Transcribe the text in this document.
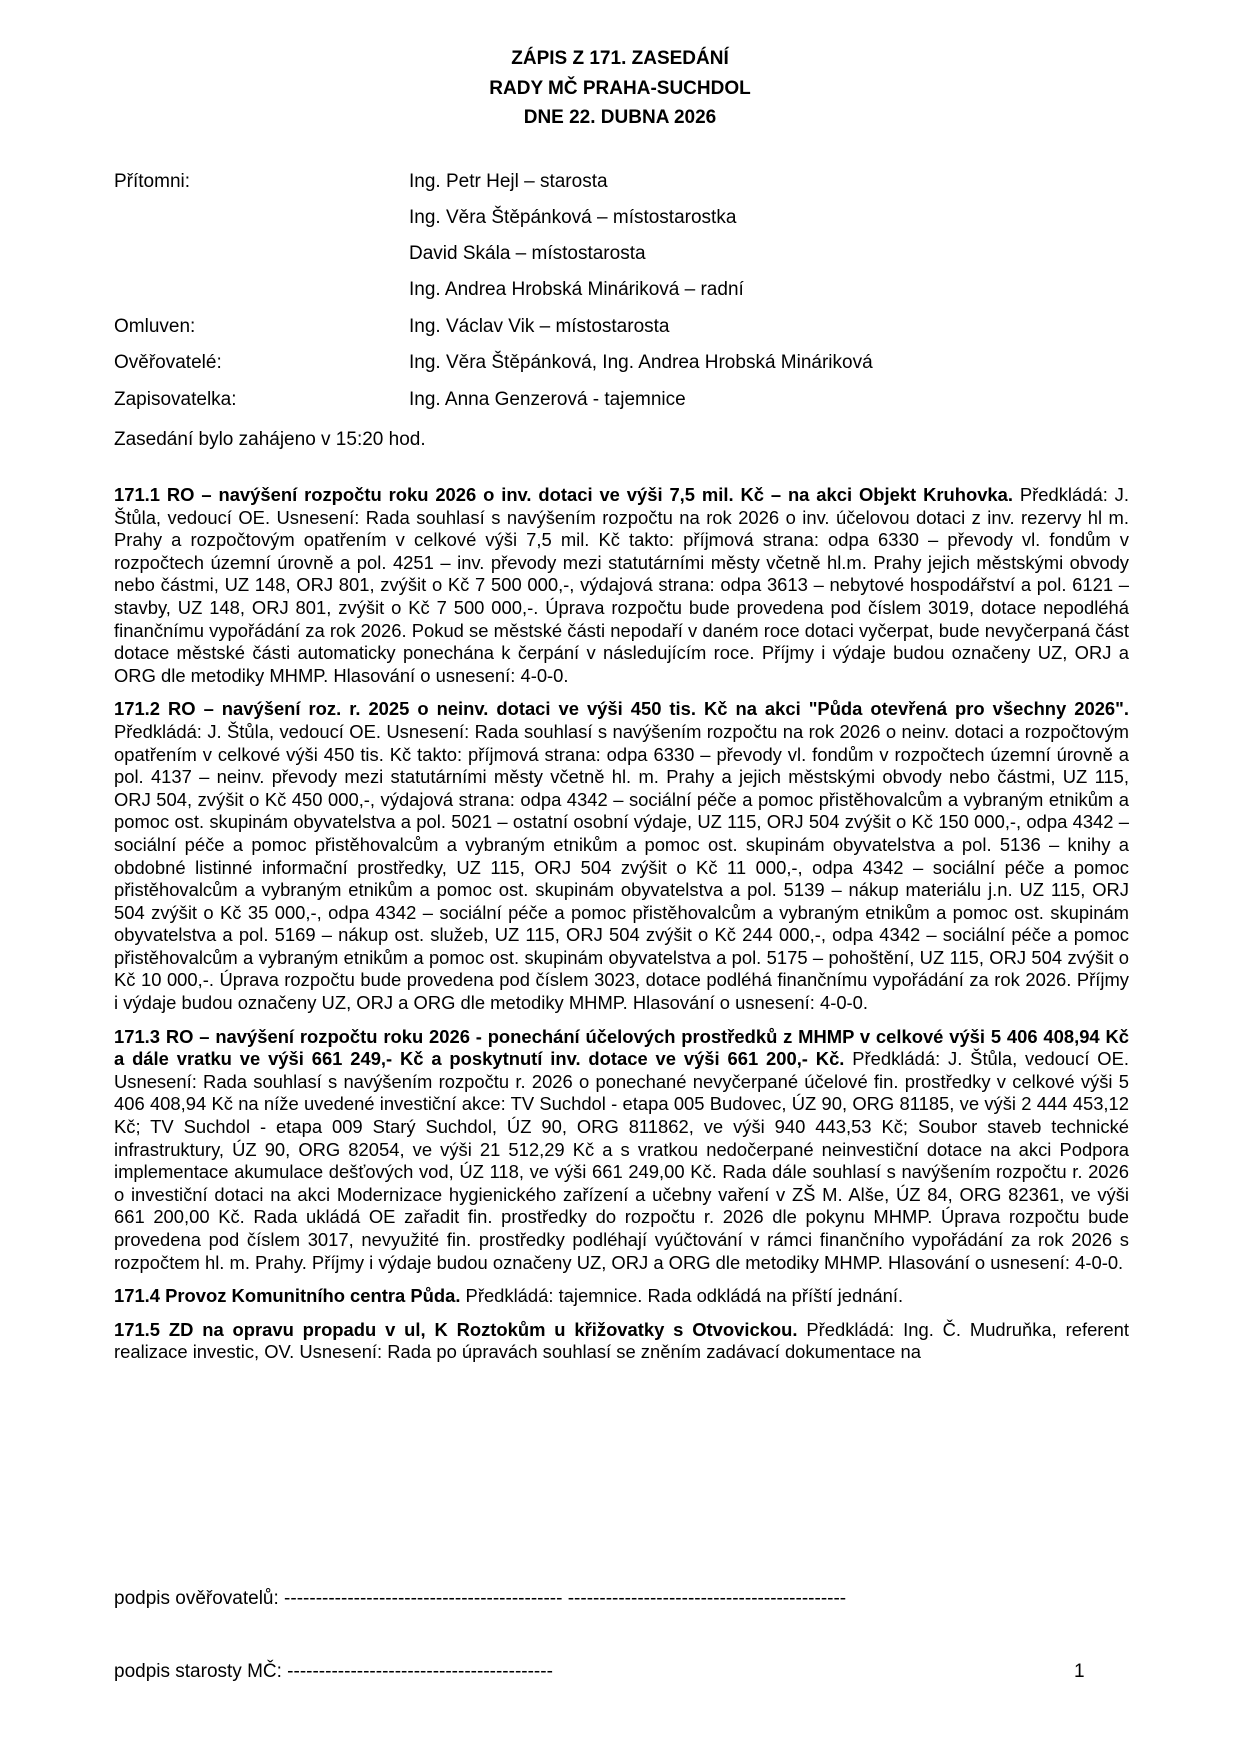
ZÁPIS Z 171. ZASEDÁNÍ
RADY MČ PRAHA-SUCHDOL
DNE 22. DUBNA 2026
Přítomni:	Ing. Petr Hejl – starosta
Ing. Věra Štěpánková – místostarostka
David Skála – místostarosta
Ing. Andrea Hrobská Mináriková – radní
Omluven:	Ing. Václav Vik – místostarosta
Ověřovatelé:	Ing. Věra Štěpánková, Ing. Andrea Hrobská Mináriková
Zapisovatelka:	Ing. Anna Genzerová - tajemnice
Zasedání bylo zahájeno v 15:20 hod.

171.1 RO – navýšení rozpočtu roku 2026 o inv. dotaci ve výši 7,5 mil. Kč – na akci Objekt Kruhovka. Předkládá: J. Štůla, vedoucí OE. Usnesení: Rada souhlasí s navýšením rozpočtu na rok 2026 o inv. účelovou dotaci z inv. rezervy hl m. Prahy a rozpočtovým opatřením v celkové výši 7,5 mil. Kč takto: příjmová strana: odpa 6330 – převody vl. fondům v rozpočtech územní úrovně a pol. 4251 – inv. převody mezi statutárními městy včetně hl.m. Prahy jejich městskými obvody nebo částmi, UZ 148, ORJ 801, zvýšit o Kč 7 500 000,-, výdajová strana: odpa 3613 – nebytové hospodářství a pol. 6121 – stavby, UZ 148, ORJ 801, zvýšit o Kč 7 500 000,-. Úprava rozpočtu bude provedena pod číslem 3019, dotace nepodléhá finančnímu vypořádání za rok 2026. Pokud se městské části nepodaří v daném roce dotaci vyčerpat, bude nevyčerpaná část dotace městské části automaticky ponechána k čerpání v následujícím roce. Příjmy i výdaje budou označeny UZ, ORJ a ORG dle metodiky MHMP. Hlasování o usnesení: 4-0-0.

171.2 RO – navýšení roz. r. 2025 o neinv. dotaci ve výši 450 tis. Kč na akci "Půda otevřená pro všechny 2026". Předkládá: J. Štůla, vedoucí OE. Usnesení: Rada souhlasí s navýšením rozpočtu na rok 2026 o neinv. dotaci a rozpočtovým opatřením v celkové výši 450 tis. Kč takto: příjmová strana: odpa 6330 – převody vl. fondům v rozpočtech územní úrovně a pol. 4137 – neinv. převody mezi statutárními městy včetně hl. m. Prahy a jejich městskými obvody nebo částmi, UZ 115, ORJ 504, zvýšit o Kč 450 000,-, výdajová strana: odpa 4342 – sociální péče a pomoc přistěhovalcům a vybraným etnikům a pomoc ost. skupinám obyvatelstva a pol. 5021 – ostatní osobní výdaje, UZ 115, ORJ 504 zvýšit o Kč 150 000,-, odpa 4342 – sociální péče a pomoc přistěhovalcům a vybraným etnikům a pomoc ost. skupinám obyvatelstva a pol. 5136 – knihy a obdobné listinné informační prostředky, UZ 115, ORJ 504 zvýšit o Kč 11 000,-, odpa 4342 – sociální péče a pomoc přistěhovalcům a vybraným etnikům a pomoc ost. skupinám obyvatelstva a pol. 5139 – nákup materiálu j.n. UZ 115, ORJ 504 zvýšit o Kč 35 000,-, odpa 4342 – sociální péče a pomoc přistěhovalcům a vybraným etnikům a pomoc ost. skupinám obyvatelstva a pol. 5169 – nákup ost. služeb, UZ 115, ORJ 504 zvýšit o Kč 244 000,-, odpa 4342 – sociální péče a pomoc přistěhovalcům a vybraným etnikům a pomoc ost. skupinám obyvatelstva a pol. 5175 – pohoštění, UZ 115, ORJ 504 zvýšit o Kč 10 000,-. Úprava rozpočtu bude provedena pod číslem 3023, dotace podléhá finančnímu vypořádání za rok 2026. Příjmy i výdaje budou označeny UZ, ORJ a ORG dle metodiky MHMP. Hlasování o usnesení: 4-0-0.

171.3 RO – navýšení rozpočtu roku 2026 - ponechání účelových prostředků z MHMP v celkové výši 5 406 408,94 Kč a dále vratku ve výši 661 249,- Kč a poskytnutí inv. dotace ve výši 661 200,- Kč. Předkládá: J. Štůla, vedoucí OE. Usnesení: Rada souhlasí s navýšením rozpočtu r. 2026 o ponechané nevyčerpané účelové fin. prostředky v celkové výši 5 406 408,94 Kč na níže uvedené investiční akce: TV Suchdol - etapa 005 Budovec, ÚZ 90, ORG 81185, ve výši 2 444 453,12 Kč; TV Suchdol - etapa 009 Starý Suchdol, ÚZ 90, ORG 811862, ve výši 940 443,53 Kč; Soubor staveb technické infrastruktury, ÚZ 90, ORG 82054, ve výši 21 512,29 Kč a s vratkou nedočerpané neinvestiční dotace na akci Podpora implementace akumulace dešťových vod, ÚZ 118, ve výši 661 249,00 Kč. Rada dále souhlasí s navýšením rozpočtu r. 2026 o investiční dotaci na akci Modernizace hygienického zařízení a učebny vaření v ZŠ M. Alše, ÚZ 84, ORG 82361, ve výši 661 200,00 Kč. Rada ukládá OE zařadit fin. prostředky do rozpočtu r. 2026 dle pokynu MHMP. Úprava rozpočtu bude provedena pod číslem 3017, nevyužité fin. prostředky podléhají vyúčtování v rámci finančního vypořádání za rok 2026 s rozpočtem hl. m. Prahy. Příjmy i výdaje budou označeny UZ, ORJ a ORG dle metodiky MHMP. Hlasování o usnesení: 4-0-0.

171.4 Provoz Komunitního centra Půda. Předkládá: tajemnice. Rada odkládá na příští jednání.

171.5 ZD na opravu propadu v ul, K Roztokům u křižovatky s Otvovickou. Předkládá: Ing. Č. Mudruňka, referent realizace investic, OV. Usnesení: Rada po úpravách souhlasí se zněním zadávací dokumentace na

podpis ověřovatelů: -------------------------------------------- --------------------------------------------
podpis starosty MČ: ------------------------------------------	1
